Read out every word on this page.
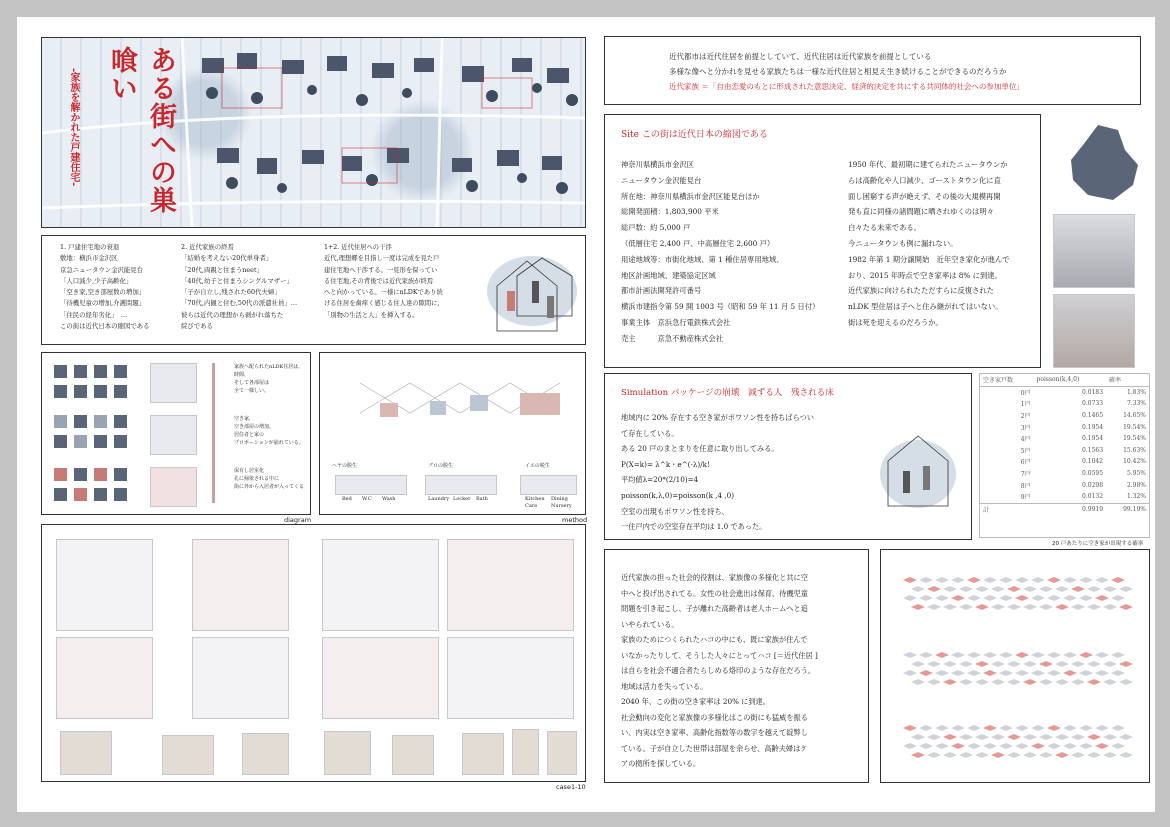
ある街への巣喰い
-家族を解かれた戸建住宅-
1. 戸建住宅地の衰退
敷地：横浜市金沢区
京急ニュータウン金沢能見台
「人口減少,少子高齢化」
「空き家,空き部屋数の増加」
「待機児童の増加,介護問題」
「住民の経年劣化」　…
この街は近代日本の縮図である
2. 近代家族の終焉
「結婚を考えない20代単身者」
「20代,両親と住まうneet」
「40代,幼子と住まうシングルマザー」
「子が自立し,残された60代夫婦」
「70代,内観と住む,50代の派遣社員」…
彼らは近代の理想から剥がれ落ちた
綻びである
1+2. 近代住居への干渉
近代,理想郷を目指し一度は完成を見た戸
建住宅地へ干渉する。一見形を保ってい
る住宅地,その背後では近代家族が終焉
へと向かっている。一様にnLDKであり続
ける住居を歯痒く感じる住人達の隙間に,
「別物の生活と人」を挿入する。
家族へ配られたnLDK住居は,
時間、
そして各部屋は
全て一様しい。
空き家,
空き部屋の増加。
居住者と家の
プロポーションが崩れている。
保有し居室化
孔に帰依される中に
街に外から入居者が入ってくる
diagram
ヘヤの脱生	ブロの脱生	イエの脱生
Bed W.C Wash	Laundry Locker Bath	Kitchen Dining
Care	Nursery
method
case1-10
近代都市は近代住居を前提としていて、近代住居は近代家族を前提としている
多様な像へと分かれを見せる家族たちは一様な近代住居と相見え生き続けることができるのだろうか
近代家族 ＝「自由恋愛のもとに形成された意思決定、経済的決定を共にする共同体的社会への参加単位」
Site この街は近代日本の縮図である
神奈川県横浜市金沢区
ニュータウン金沢能見台
所在地：神奈川県横浜市金沢区能見台ほか
総開発面積：1,803,900 平米
総戸数：約 5,000 戸
（低層住宅 2,400 戸、中高層住宅 2,600 戸）
用途地域等：市街化地域、第 1 種住居専用地域、
地区計画地域、建築協定区域
都市計画法開発許可番号
横浜市建指令第 59 開 1003 号（昭和 59 年 11 月 5 日付）
事業主体　京浜急行電鉄株式会社
売主　　　京急不動産株式会社
1950 年代、最初期に建てられたニュータウンか
らは高齢化や人口減少、ゴーストタウン化に直
面し困窮する声が絶えず、その後の大規模再開
発も直に同様の諸問題に晒されゆくのは明々
白々たる未来である。
今ニュータウンも例に漏れない。
1982 年第 1 期分譲開始　近年空き家化が進んで
おり、2015 年時点で空き家率は 8% に到達。
近代家族に向けられたただすらに反復された
nLDK 型住居は子へと住み継がれてはいない。
街は死を迎えるのだろうか。
Simulation パッケージの崩壊　減ずる人　残される床
地域内に 20% 存在する空き家がポワソン性を持ちばらつい
て存在している。
ある 20 戸のまとまりを任意に取り出してみる。
P(X=k)= λ^k・e^(-λ)/k!
平均値λ=20*(2/10)=4
poisson(k,λ,0)=poisson(k ,4 ,0)
空室の出現もポワソン性を持ち、
一住戸内での空室存在平均は 1.0 であった。
空き家戸数	poisson(k,4,0)	確率
0戸	0.0183	1.83%
1戸	0.0733	7.33%
2戸	0.1465	14.65%
3戸	0.1954	19.54%
4戸	0.1954	19.54%
5戸	0.1563	15.63%
6戸	0.1042	10.42%
7戸	0.0595	5.95%
8戸	0.0298	2.98%
9戸	0.0132	1.32%
計	0.9919	99.19%
20 戸あたりに空き家が出現する確率
近代家族の担った社会的役割は、家族像の多様化と共に空
中へと投げ出されてる。女性の社会進出は保育、待機児童
問題を引き起こし、子が離れた高齢者は老人ホームへと追
いやられている。
家族のためにつくられたハコの中にも、既に家族が住んで
いなかったりして、そうした人々にとってハコ [＝近代住居 ]
は自らを社会不適合者たらしめる烙印のような存在だろう。
地域は活力を失っている。
2040 年、この街の空き家率は 20% に到達。
社会動向の変化と家族像の多様化はこの街にも猛威を振る
い、内実は空き家率、高齢化指数等の数字を越えて綻弊し
ている。子が自立した世帯は部屋を余らせ、高齢夫婦はケ
アの拠所を探している。
